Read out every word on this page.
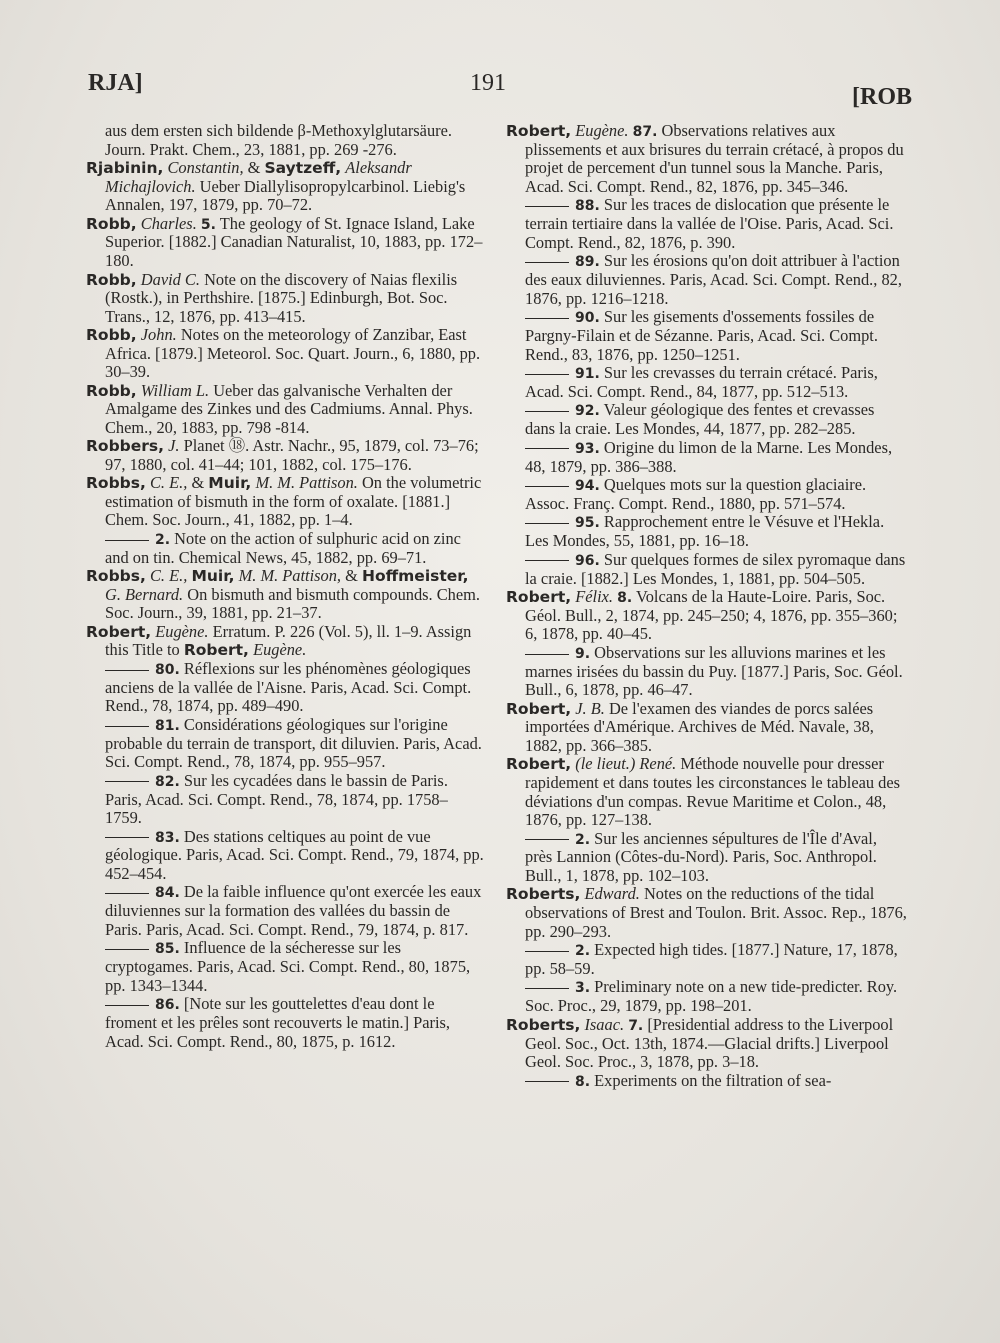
RJA]	191
[ROB

aus dem ersten sich bildende β-Methoxylglutarsäure. Journ. Prakt. Chem., 23, 1881, pp. 269 -276.

Rjabinin, Constantin, & Saytzeff, Aleksandr Michajlovich. Ueber Diallylisopropylcarbinol. Liebig's Annalen, 197, 1879, pp. 70–72.

Robb, Charles. 5. The geology of St. Ignace Island, Lake Superior. [1882.] Canadian Naturalist, 10, 1883, pp. 172–180.

Robb, David C. Note on the discovery of Naias flexilis (Rostk.), in Perthshire. [1875.] Edinburgh, Bot. Soc. Trans., 12, 1876, pp. 413–415.

Robb, John. Notes on the meteorology of Zanzibar, East Africa. [1879.] Meteorol. Soc. Quart. Journ., 6, 1880, pp. 30–39.

Robb, William L. Ueber das galvanische Verhalten der Amalgame des Zinkes und des Cadmiums. Annal. Phys. Chem., 20, 1883, pp. 798 -814.

Robbers, J. Planet ⑱. Astr. Nachr., 95, 1879, col. 73–76; 97, 1880, col. 41–44; 101, 1882, col. 175–176.

Robbs, C. E., & Muir, M. M. Pattison. On the volumetric estimation of bismuth in the form of oxalate. [1881.] Chem. Soc. Journ., 41, 1882, pp. 1–4.

2. Note on the action of sulphuric acid on zinc and on tin. Chemical News, 45, 1882, pp. 69–71.

Robbs, C. E., Muir, M. M. Pattison, & Hoffmeister, G. Bernard. On bismuth and bismuth compounds. Chem. Soc. Journ., 39, 1881, pp. 21–37.

Robert, Eugène. Erratum. P. 226 (Vol. 5), ll. 1–9. Assign this Title to Robert, Eugène.

80. Réflexions sur les phénomènes géologiques anciens de la vallée de l'Aisne. Paris, Acad. Sci. Compt. Rend., 78, 1874, pp. 489–490.

81. Considérations géologiques sur l'origine probable du terrain de transport, dit diluvien. Paris, Acad. Sci. Compt. Rend., 78, 1874, pp. 955–957.

82. Sur les cycadées dans le bassin de Paris. Paris, Acad. Sci. Compt. Rend., 78, 1874, pp. 1758–1759.

83. Des stations celtiques au point de vue géologique. Paris, Acad. Sci. Compt. Rend., 79, 1874, pp. 452–454.

84. De la faible influence qu'ont exercée les eaux diluviennes sur la formation des vallées du bassin de Paris. Paris, Acad. Sci. Compt. Rend., 79, 1874, p. 817.

85. Influence de la sécheresse sur les cryptogames. Paris, Acad. Sci. Compt. Rend., 80, 1875, pp. 1343–1344.

86. [Note sur les gouttelettes d'eau dont le froment et les prêles sont recouverts le matin.] Paris, Acad. Sci. Compt. Rend., 80, 1875, p. 1612.

Robert, Eugène. 87. Observations relatives aux plissements et aux brisures du terrain crétacé, à propos du projet de percement d'un tunnel sous la Manche. Paris, Acad. Sci. Compt. Rend., 82, 1876, pp. 345–346.

88. Sur les traces de dislocation que présente le terrain tertiaire dans la vallée de l'Oise. Paris, Acad. Sci. Compt. Rend., 82, 1876, p. 390.

89. Sur les érosions qu'on doit attribuer à l'action des eaux diluviennes. Paris, Acad. Sci. Compt. Rend., 82, 1876, pp. 1216–1218.

90. Sur les gisements d'ossements fossiles de Pargny-Filain et de Sézanne. Paris, Acad. Sci. Compt. Rend., 83, 1876, pp. 1250–1251.

91. Sur les crevasses du terrain crétacé. Paris, Acad. Sci. Compt. Rend., 84, 1877, pp. 512–513.

92. Valeur géologique des fentes et crevasses dans la craie. Les Mondes, 44, 1877, pp. 282–285.

93. Origine du limon de la Marne. Les Mondes, 48, 1879, pp. 386–388.

94. Quelques mots sur la question glaciaire. Assoc. Franç. Compt. Rend., 1880, pp. 571–574.

95. Rapprochement entre le Vésuve et l'Hekla. Les Mondes, 55, 1881, pp. 16–18.

96. Sur quelques formes de silex pyromaque dans la craie. [1882.] Les Mondes, 1, 1881, pp. 504–505.

Robert, Félix. 8. Volcans de la Haute-Loire. Paris, Soc. Géol. Bull., 2, 1874, pp. 245–250; 4, 1876, pp. 355–360; 6, 1878, pp. 40–45.

9. Observations sur les alluvions marines et les marnes irisées du bassin du Puy. [1877.] Paris, Soc. Géol. Bull., 6, 1878, pp. 46–47.

Robert, J. B. De l'examen des viandes de porcs salées importées d'Amérique. Archives de Méd. Navale, 38, 1882, pp. 366–385.

Robert, (le lieut.) René. Méthode nouvelle pour dresser rapidement et dans toutes les circonstances le tableau des déviations d'un compas. Revue Maritime et Colon., 48, 1876, pp. 127–138.

2. Sur les anciennes sépultures de l'Île d'Aval, près Lannion (Côtes-du-Nord). Paris, Soc. Anthropol. Bull., 1, 1878, pp. 102–103.

Roberts, Edward. Notes on the reductions of the tidal observations of Brest and Toulon. Brit. Assoc. Rep., 1876, pp. 290–293.

2. Expected high tides. [1877.] Nature, 17, 1878, pp. 58–59.

3. Preliminary note on a new tide-predicter. Roy. Soc. Proc., 29, 1879, pp. 198–201.

Roberts, Isaac. 7. [Presidential address to the Liverpool Geol. Soc., Oct. 13th, 1874.—Glacial drifts.] Liverpool Geol. Soc. Proc., 3, 1878, pp. 3–18.

8. Experiments on the filtration of sea-
